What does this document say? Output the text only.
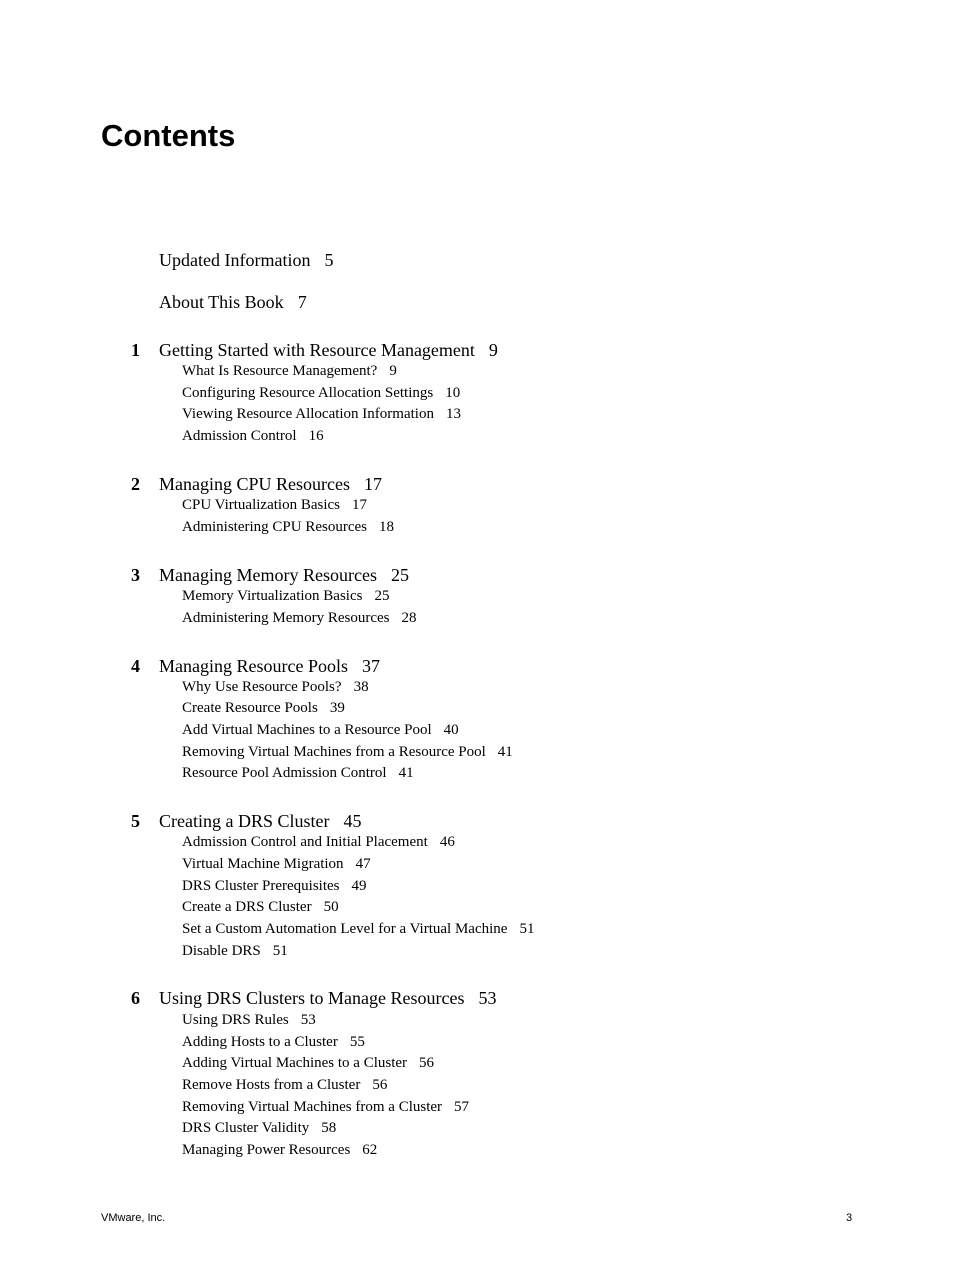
Contents
Updated Information 5
About This Book 7
1 Getting Started with Resource Management 9
What Is Resource Management? 9
Configuring Resource Allocation Settings 10
Viewing Resource Allocation Information 13
Admission Control 16
2 Managing CPU Resources 17
CPU Virtualization Basics 17
Administering CPU Resources 18
3 Managing Memory Resources 25
Memory Virtualization Basics 25
Administering Memory Resources 28
4 Managing Resource Pools 37
Why Use Resource Pools? 38
Create Resource Pools 39
Add Virtual Machines to a Resource Pool 40
Removing Virtual Machines from a Resource Pool 41
Resource Pool Admission Control 41
5 Creating a DRS Cluster 45
Admission Control and Initial Placement 46
Virtual Machine Migration 47
DRS Cluster Prerequisites 49
Create a DRS Cluster 50
Set a Custom Automation Level for a Virtual Machine 51
Disable DRS 51
6 Using DRS Clusters to Manage Resources 53
Using DRS Rules 53
Adding Hosts to a Cluster 55
Adding Virtual Machines to a Cluster 56
Remove Hosts from a Cluster 56
Removing Virtual Machines from a Cluster 57
DRS Cluster Validity 58
Managing Power Resources 62
VMware, Inc.	3
